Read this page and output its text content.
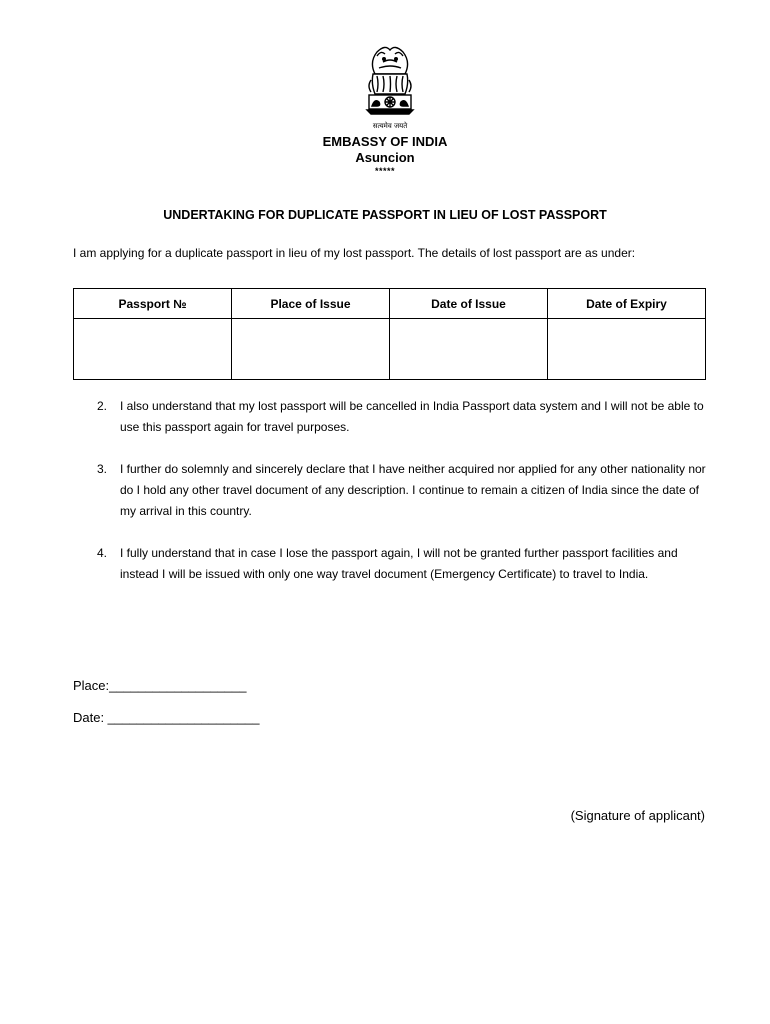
सत्यमेव जयते
EMBASSY OF INDIA
Asuncion
*****
UNDERTAKING FOR DUPLICATE PASSPORT IN LIEU OF LOST PASSPORT
I am applying for a duplicate passport in lieu of my lost passport. The details of lost passport are as under:
Passport №	Place of Issue	Date of Issue	Date of Expiry

2. I also understand that my lost passport will be cancelled in India Passport data system and I will not be able to use this passport again for travel purposes.
3. I further do solemnly and sincerely declare that I have neither acquired nor applied for any other nationality nor do I hold any other travel document of any description. I continue to remain a citizen of India since the date of my arrival in this country.
4. I fully understand that in case I lose the passport again, I will not be granted further passport facilities and instead I will be issued with only one way travel document (Emergency Certificate) to travel to India.
Place:___________________
Date: _____________________
(Signature of applicant)
